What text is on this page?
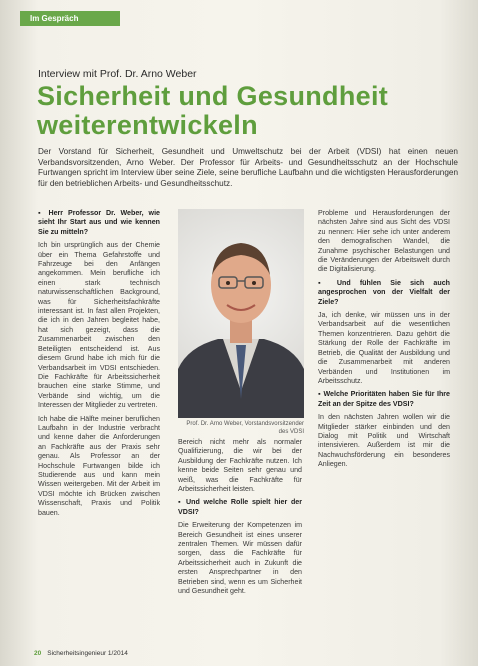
Im Gespräch
Interview mit Prof. Dr. Arno Weber
Sicherheit und Gesundheit weiterentwickeln
Der Vorstand für Sicherheit, Gesundheit und Umweltschutz bei der Arbeit (VDSI) hat einen neuen Verbandsvorsitzenden, Arno Weber. Der Professor für Arbeits- und Gesundheitsschutz an der Hochschule Furtwangen spricht im Interview über seine Ziele, seine berufliche Laufbahn und die wichtigsten Herausforderungen für den betrieblichen Arbeits- und Gesundheitsschutz.

▪ Herr Professor Dr. Weber, wie sieht Ihr Start aus und wie kennen Sie zu mitteln?

Ich bin ursprünglich aus der Chemie über ein Thema Gefahrstoffe und Fahrzeuge bei den Anfängen angekommen. Mein berufliche ich einen stark technisch naturwissenschaftlichen Background, was für Sicherheitsfachkräfte interessant ist. In fast allen Projekten, die ich in den Jahren begleitet habe, hat sich gezeigt, dass die Zusammenarbeit zwischen den Beteiligten entscheidend ist. Aus diesem Grund habe ich mich für die Verbandsarbeit im VDSI entschieden. Die Fachkräfte für Arbeitssicherheit brauchen eine starke Stimme, und Verbände sind wichtig, um die Interessen der Mitglieder zu vertreten.

Ich habe die Hälfte meiner beruflichen Laufbahn in der Industrie verbracht und kenne daher die Anforderungen an Fachkräfte aus der Praxis sehr genau. Als Professor an der Hochschule Furtwangen bilde ich Studierende aus und kann mein Wissen weitergeben. Mit der Arbeit im VDSI möchte ich Brücken zwischen Wissenschaft, Praxis und Politik bauen.

Prof. Dr. Arno Weber, Vorstandsvorsitzender des VDSI

Bereich nicht mehr als normaler Qualifizierung, die wir bei der Ausbildung der Fachkräfte nutzen. Ich kenne beide Seiten sehr genau und weiß, was die Fachkräfte für Arbeitssicherheit leisten.

▪ Und welche Rolle spielt hier der VDSI?

Die Erweiterung der Kompetenzen im Bereich Gesundheit ist eines unserer zentralen Themen. Wir müssen dafür sorgen, dass die Fachkräfte für Arbeitssicherheit auch in Zukunft die ersten Ansprechpartner in den Betrieben sind, wenn es um Sicherheit und Gesundheit geht.

Probleme und Herausforderungen der nächsten Jahre sind aus Sicht des VDSI zu nennen: Hier sehe ich unter anderem den demografischen Wandel, die Zunahme psychischer Belastungen und die Veränderungen der Arbeitswelt durch die Digitalisierung.

▪ Und fühlen Sie sich auch angesprochen von der Vielfalt der Ziele?

Ja, ich denke, wir müssen uns in der Verbandsarbeit auf die wesentlichen Themen konzentrieren. Dazu gehört die Stärkung der Rolle der Fachkräfte im Betrieb, die Qualität der Ausbildung und die Zusammenarbeit mit anderen Verbänden und Institutionen im Arbeitsschutz.

▪ Welche Prioritäten haben Sie für Ihre Zeit an der Spitze des VDSI?

In den nächsten Jahren wollen wir die Mitglieder stärker einbinden und den Dialog mit Politik und Wirtschaft intensivieren. Außerdem ist mir die Nachwuchsförderung ein besonderes Anliegen.

20 Sicherheitsingenieur 1/2014
